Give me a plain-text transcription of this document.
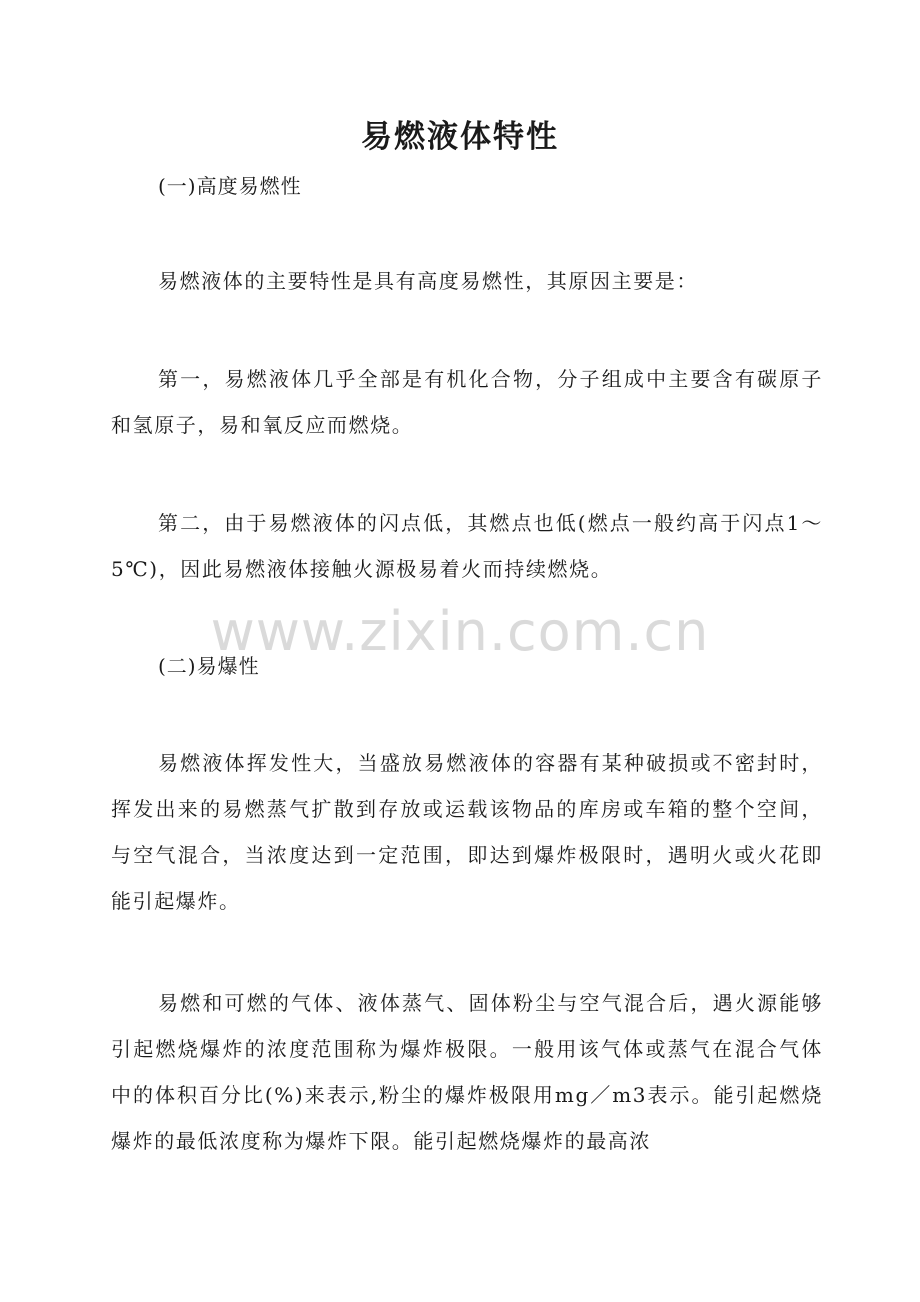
易燃液体特性
(一)高度易燃性
易燃液体的主要特性是具有高度易燃性，其原因主要是：
第一，易燃液体几乎全部是有机化合物，分子组成中主要含有碳原子和氢原子，易和氧反应而燃烧。
第二，由于易燃液体的闪点低，其燃点也低(燃点一般约高于闪点1～5℃)，因此易燃液体接触火源极易着火而持续燃烧。
www.zixin.com.cn
(二)易爆性
易燃液体挥发性大，当盛放易燃液体的容器有某种破损或不密封时，挥发出来的易燃蒸气扩散到存放或运载该物品的库房或车箱的整个空间，与空气混合，当浓度达到一定范围，即达到爆炸极限时，遇明火或火花即能引起爆炸。
易燃和可燃的气体、液体蒸气、固体粉尘与空气混合后，遇火源能够引起燃烧爆炸的浓度范围称为爆炸极限。一般用该气体或蒸气在混合气体中的体积百分比(%)来表示,粉尘的爆炸极限用mg／m3表示。能引起燃烧爆炸的最低浓度称为爆炸下限。能引起燃烧爆炸的最高浓
